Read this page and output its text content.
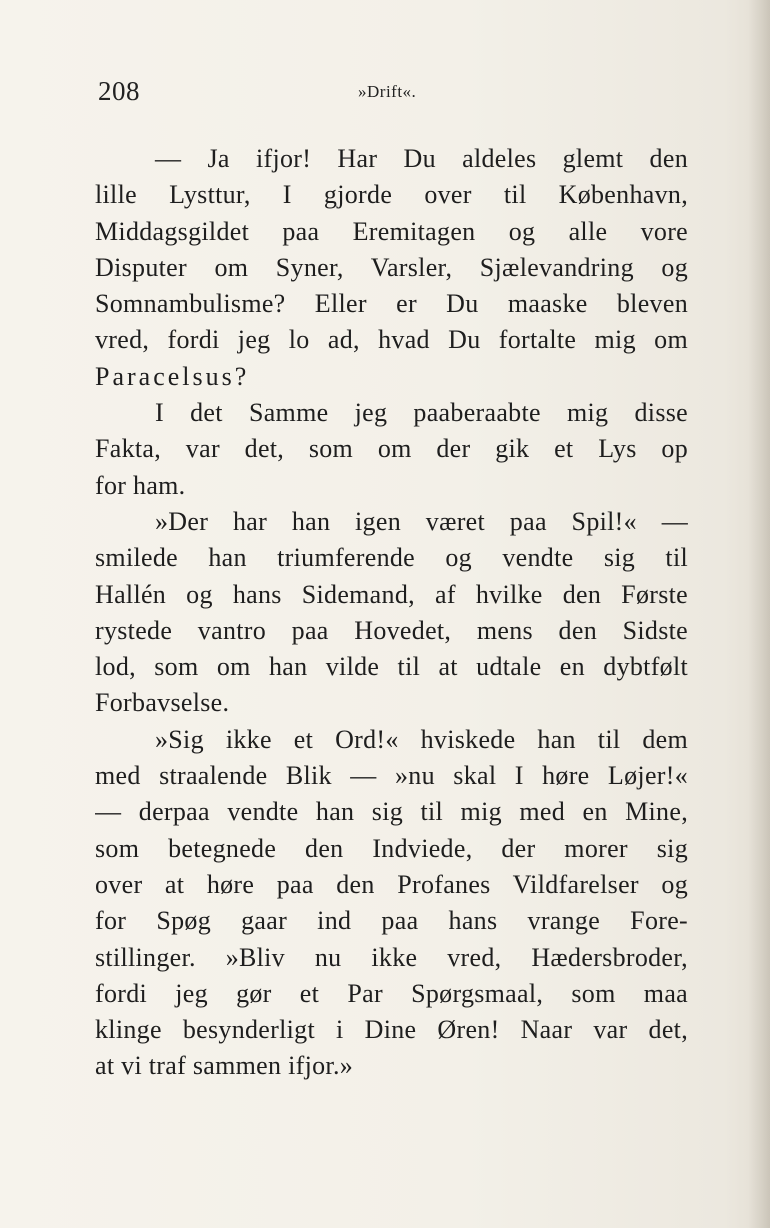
208	»Drift«.
— Ja ifjor! Har Du aldeles glemt den
lille Lysttur, I gjorde over til København,
Middagsgildet paa Eremitagen og alle vore
Disputer om Syner, Varsler, Sjælevandring og
Somnambulisme? Eller er Du maaske bleven
vred, fordi jeg lo ad, hvad Du fortalte mig om
Paracelsus?
I det Samme jeg paaberaabte mig disse
Fakta, var det, som om der gik et Lys op
for ham.
»Der har han igen været paa Spil!« —
smilede han triumferende og vendte sig til
Hallén og hans Sidemand, af hvilke den Første
rystede vantro paa Hovedet, mens den Sidste
lod, som om han vilde til at udtale en dybtfølt
Forbavselse.
»Sig ikke et Ord!« hviskede han til dem
med straalende Blik — »nu skal I høre Løjer!«
— derpaa vendte han sig til mig med en Mine,
som betegnede den Indviede, der morer sig
over at høre paa den Profanes Vildfarelser og
for Spøg gaar ind paa hans vrange Fore-
stillinger. »Bliv nu ikke vred, Hædersbroder,
fordi jeg gør et Par Spørgsmaal, som maa
klinge besynderligt i Dine Øren! Naar var det,
at vi traf sammen ifjor.»
